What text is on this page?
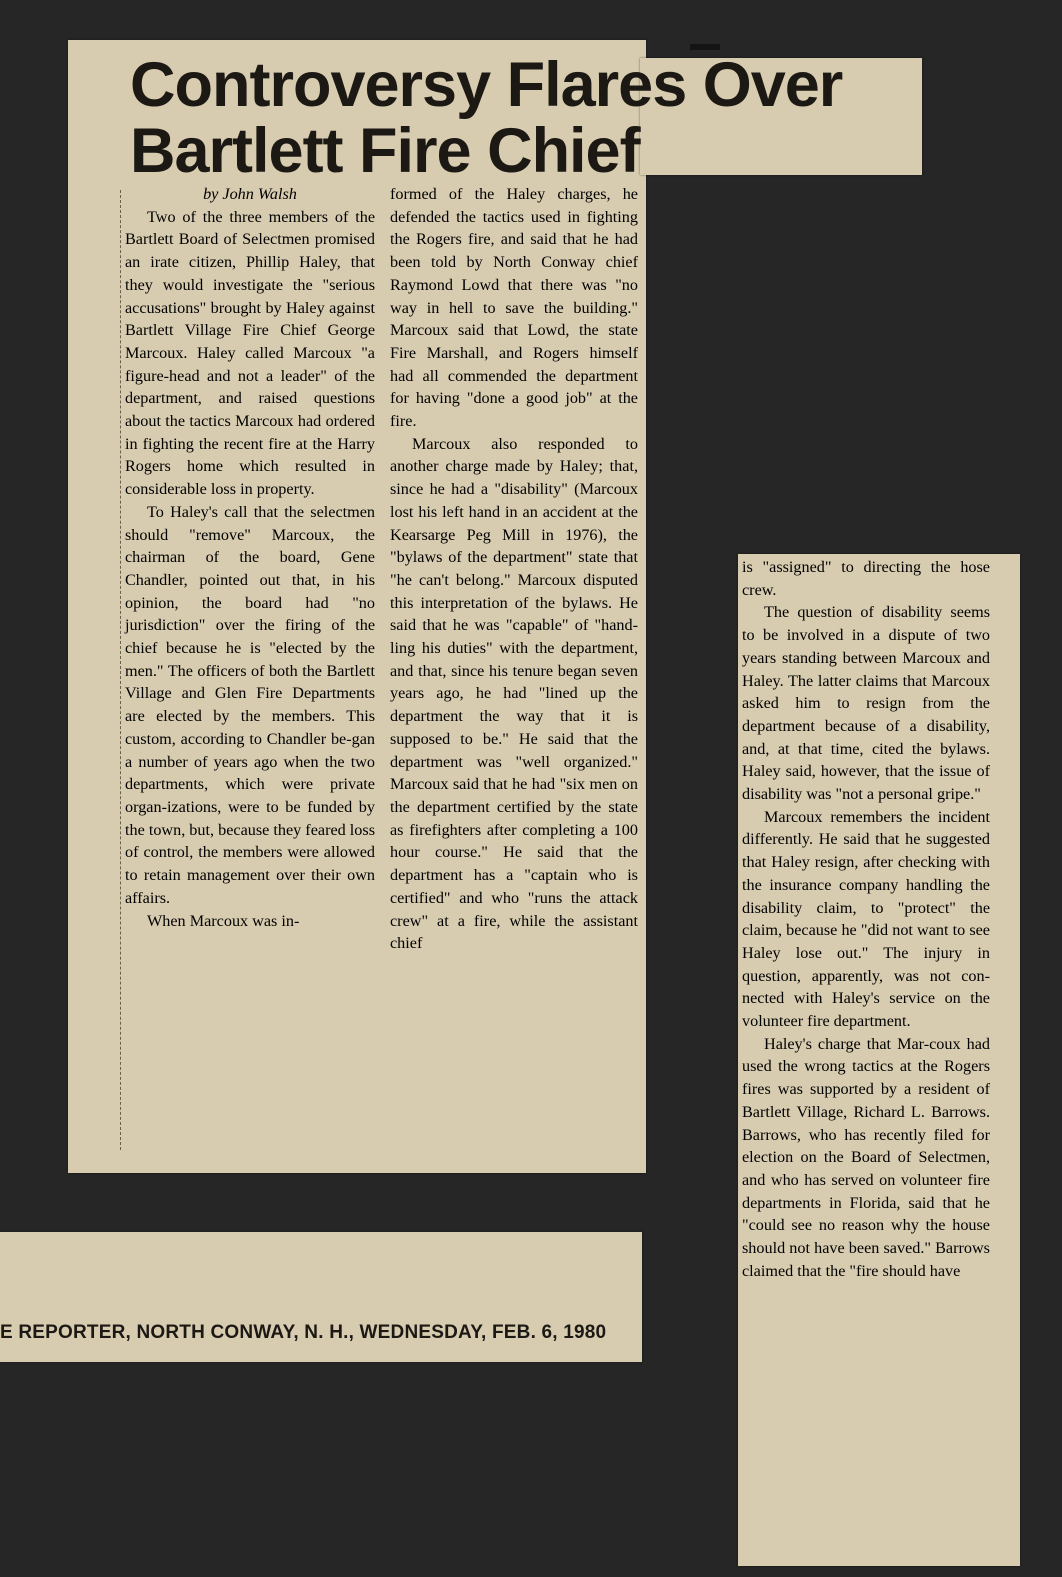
Controversy Flares Over
Bartlett Fire Chief

by John Walsh

Two of the three members of the Bartlett Board of Selectmen promised an irate citizen, Phillip Haley, that they would investigate the "serious accusations" brought by Haley against Bartlett Village Fire Chief George Marcoux. Haley called Marcoux "a figure-head and not a leader" of the department, and raised questions about the tactics Marcoux had ordered in fighting the recent fire at the Harry Rogers home which resulted in considerable loss in property.

To Haley's call that the selectmen should "remove" Marcoux, the chairman of the board, Gene Chandler, pointed out that, in his opinion, the board had "no jurisdiction" over the firing of the chief because he is "elected by the men." The officers of both the Bartlett Village and Glen Fire Departments are elected by the members. This custom, according to Chandler be-gan a number of years ago when the two departments, which were private organ-izations, were to be funded by the town, but, because they feared loss of control, the members were allowed to retain management over their own affairs.

When Marcoux was in-

formed of the Haley charges, he defended the tactics used in fighting the Rogers fire, and said that he had been told by North Conway chief Raymond Lowd that there was "no way in hell to save the building." Marcoux said that Lowd, the state Fire Marshall, and Rogers himself had all commended the department for having "done a good job" at the fire.

Marcoux also responded to another charge made by Haley; that, since he had a "disability" (Marcoux lost his left hand in an accident at the Kearsarge Peg Mill in 1976), the "bylaws of the department" state that "he can't belong." Marcoux disputed this interpretation of the bylaws. He said that he was "capable" of "hand-ling his duties" with the department, and that, since his tenure began seven years ago, he had "lined up the department the way that it is supposed to be." He said that the department was "well organized." Marcoux said that he had "six men on the department certified by the state as firefighters after completing a 100 hour course." He said that the department has a "captain who is certified" and who "runs the attack crew" at a fire, while the assistant chief

is "assigned" to directing the hose crew.

The question of disability seems to be involved in a dispute of two years standing between Marcoux and Haley. The latter claims that Marcoux asked him to resign from the department because of a disability, and, at that time, cited the bylaws. Haley said, however, that the issue of disability was "not a personal gripe."

Marcoux remembers the incident differently. He said that he suggested that Haley resign, after checking with the insurance company handling the disability claim, to "protect" the claim, because he "did not want to see Haley lose out." The injury in question, apparently, was not con-nected with Haley's service on the volunteer fire department.

Haley's charge that Mar-coux had used the wrong tactics at the Rogers fires was supported by a resident of Bartlett Village, Richard L. Barrows. Barrows, who has recently filed for election on the Board of Selectmen, and who has served on volunteer fire departments in Florida, said that he "could see no reason why the house should not have been saved." Barrows claimed that the "fire should have

E REPORTER, NORTH CONWAY, N. H., WEDNESDAY, FEB. 6, 1980
